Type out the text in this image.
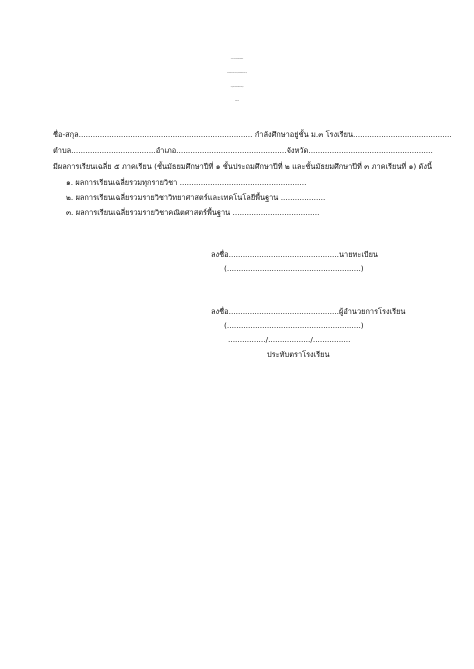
ชื่อ-สกุล.......................................................................... กำลังศึกษาอยู่ชั้น ม.๓ โรงเรียน..........................................
ตำบล....................................อำเภอ...............................................จังหวัด.....................................................
มีผลการเรียนเฉลี่ย ๕ ภาคเรียน (ชั้นมัธยมศึกษาปีที่ ๑ ชั้นประถมศึกษาปีที่ ๒ และชั้นมัธยมศึกษาปีที่ ๓ ภาคเรียนที่ ๑) ดังนี้
๑. ผลการเรียนเฉลี่ยรวมทุกรายวิชา ......................................................
๒. ผลการเรียนเฉลี่ยรวมรายวิชาวิทยาศาสตร์และเทคโนโลยีพื้นฐาน ...................
๓. ผลการเรียนเฉลี่ยรวมรายวิชาคณิตศาสตร์พื้นฐาน .....................................
ลงชื่อ...............................................นายทะเบียน
(.........................................................)
ลงชื่อ...............................................ผู้อำนวยการโรงเรียน
(.........................................................)
................/................../................
ประทับตราโรงเรียน
